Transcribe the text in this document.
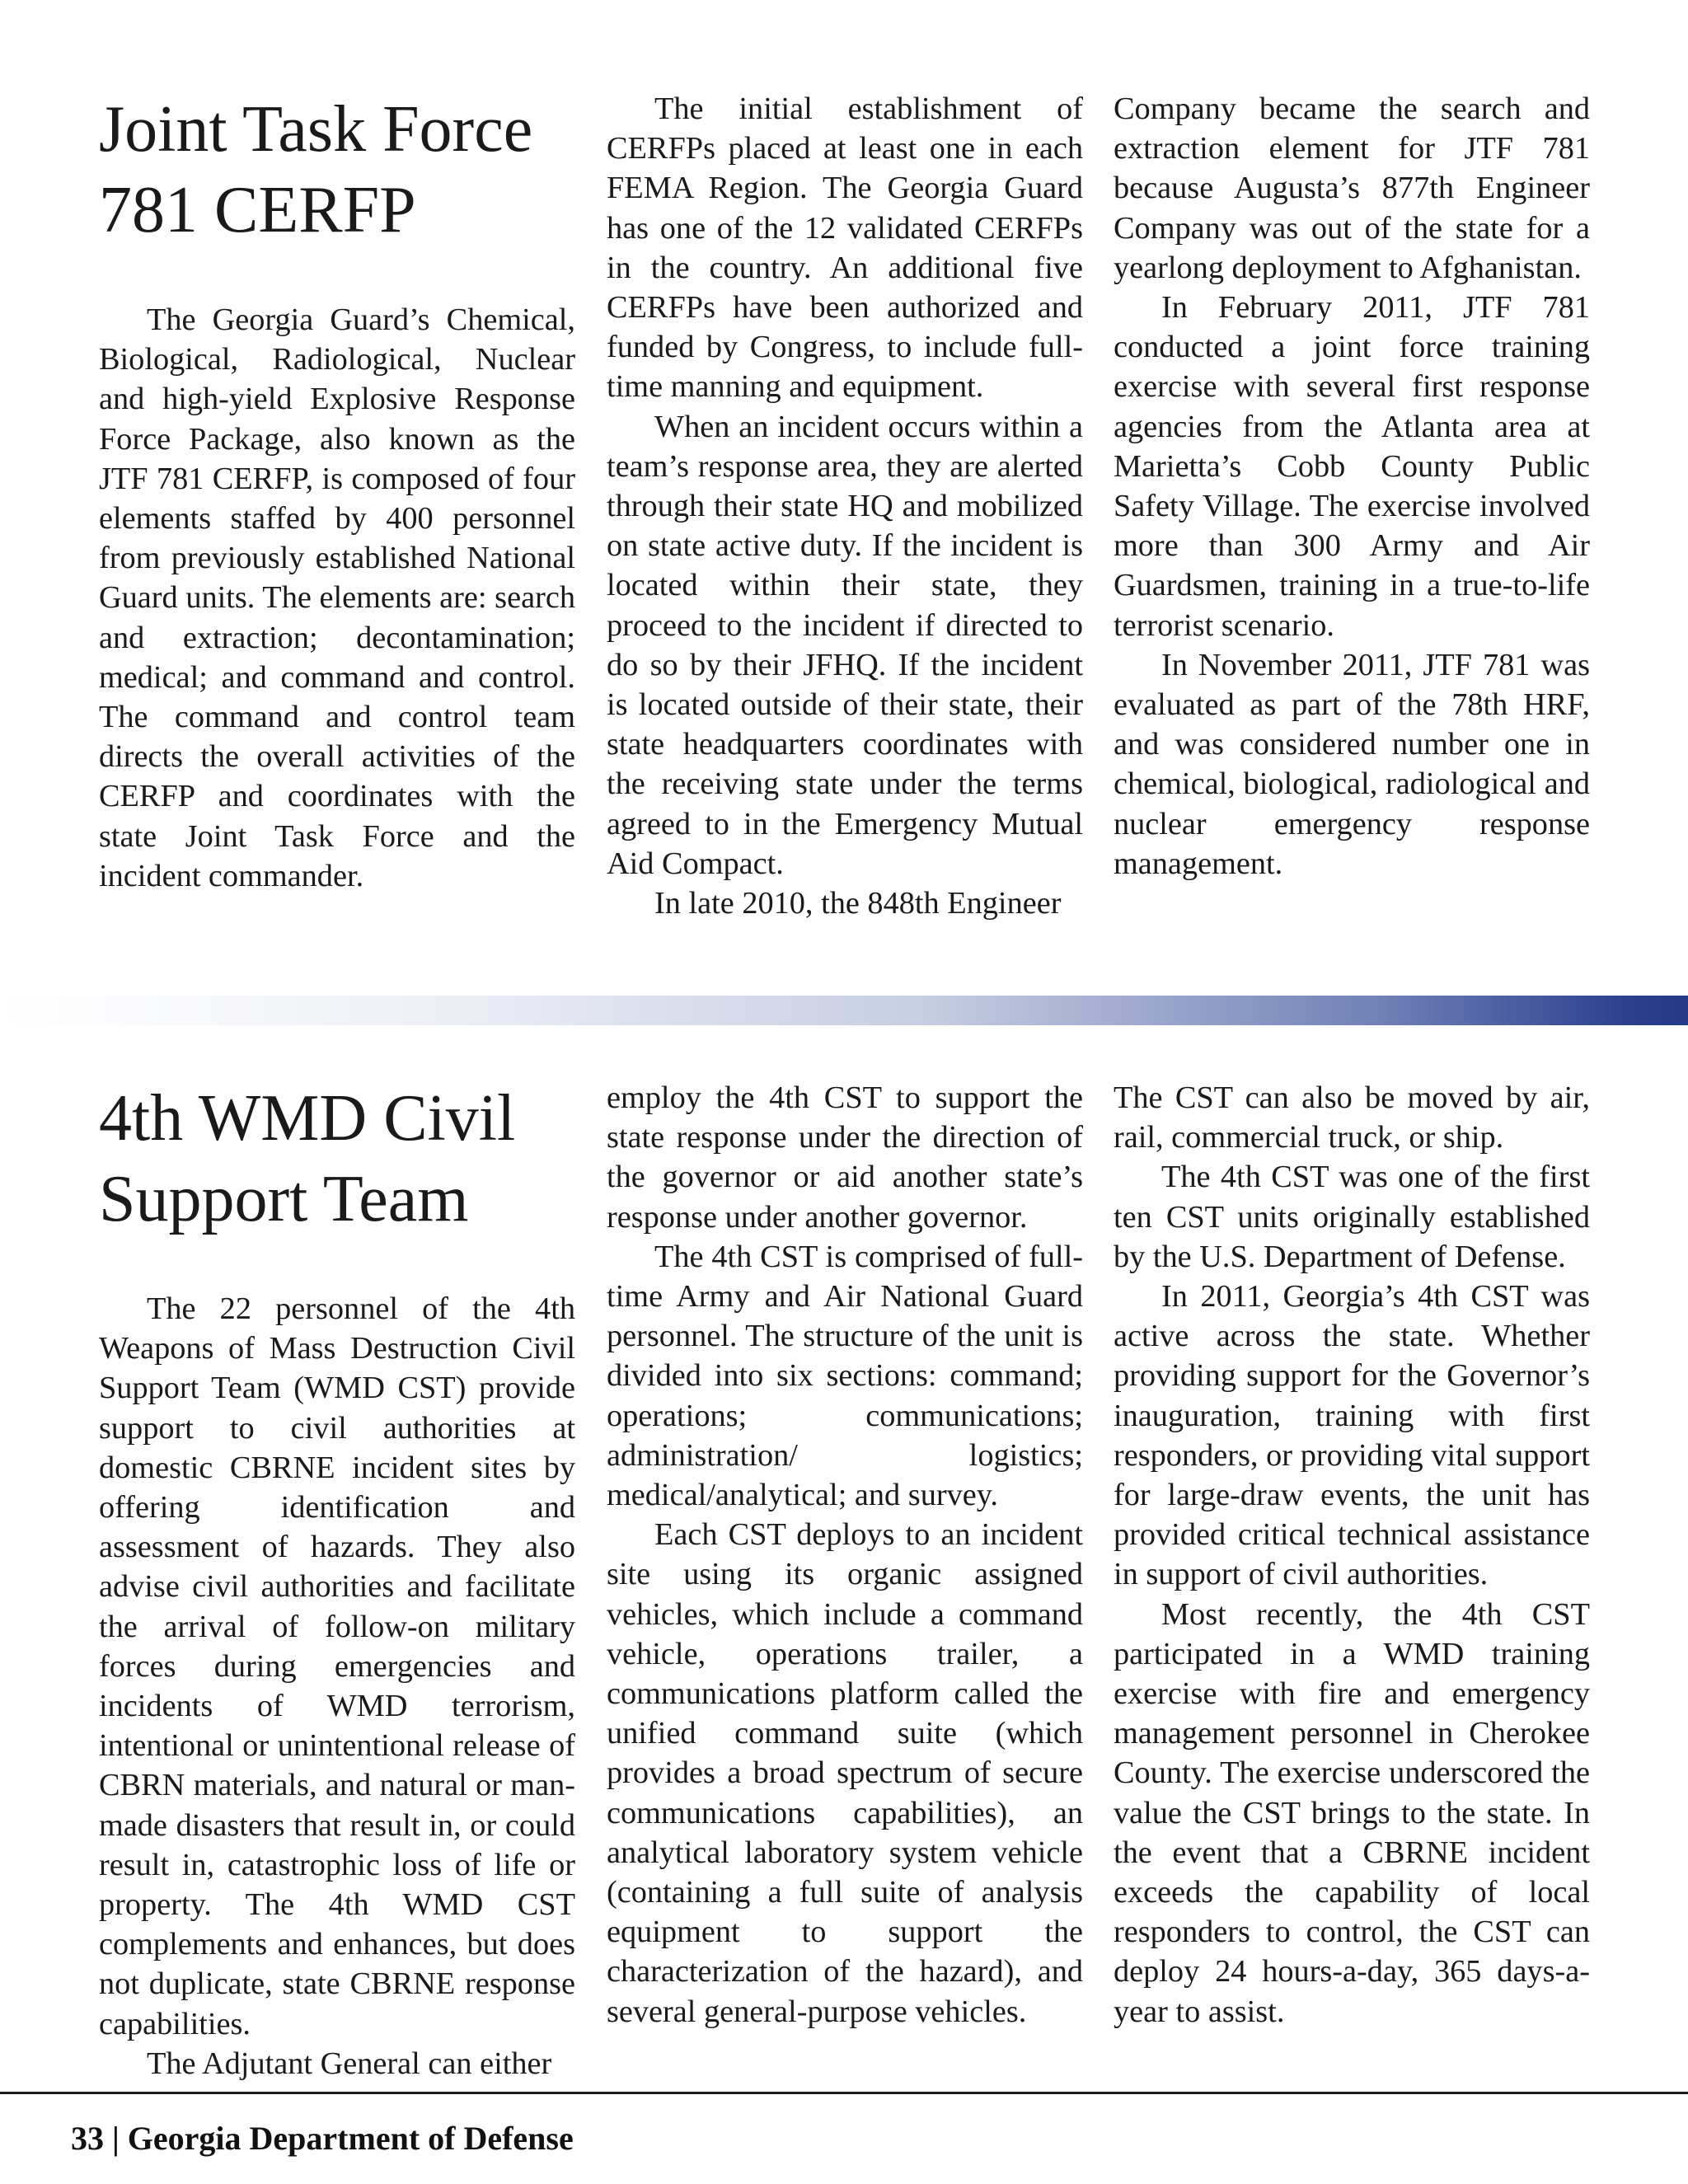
Joint Task Force
781 CERFP

The Georgia Guard’s Chemical, Biological, Radiological, Nuclear and high-yield Explosive Response Force Package, also known as the JTF 781 CERFP, is composed of four elements staffed by 400 personnel from previously established National Guard units. The elements are: search and extraction; decontamination; medical; and command and control. The command and control team directs the overall activities of the CERFP and coordinates with the state Joint Task Force and the incident commander.

The initial establishment of CERFPs placed at least one in each FEMA Region. The Georgia Guard has one of the 12 validated CERFPs in the country. An additional five CERFPs have been authorized and funded by Congress, to include full-time manning and equipment.

When an incident occurs within a team’s response area, they are alerted through their state HQ and mobilized on state active duty. If the incident is located within their state, they proceed to the incident if directed to do so by their JFHQ. If the incident is located outside of their state, their state headquarters coordinates with the receiving state under the terms agreed to in the Emergency Mutual Aid Compact.

In late 2010, the 848th Engineer

Company became the search and extraction element for JTF 781 because Augusta’s 877th Engineer Company was out of the state for a yearlong deployment to Afghanistan.

In February 2011, JTF 781 conducted a joint force training exercise with several first response agencies from the Atlanta area at Marietta’s Cobb County Public Safety Village. The exercise involved more than 300 Army and Air Guardsmen, training in a true-to-life terrorist scenario.

In November 2011, JTF 781 was evaluated as part of the 78th HRF, and was considered number one in chemical, biological, radiological and nuclear emergency response management.

4th WMD Civil
Support Team

The 22 personnel of the 4th Weapons of Mass Destruction Civil Support Team (WMD CST) provide support to civil authorities at domestic CBRNE incident sites by offering identification and assessment of hazards. They also advise civil authorities and facilitate the arrival of follow-on military forces during emergencies and incidents of WMD terrorism, intentional or unintentional release of CBRN materials, and natural or man-made disasters that result in, or could result in, catastrophic loss of life or property. The 4th WMD CST complements and enhances, but does not duplicate, state CBRNE response capabilities.

The Adjutant General can either

employ the 4th CST to support the state response under the direction of the governor or aid another state’s response under another governor.

The 4th CST is comprised of full-time Army and Air National Guard personnel. The structure of the unit is divided into six sections: command; operations; communications; administration/ logistics; medical/analytical; and survey.

Each CST deploys to an incident site using its organic assigned vehicles, which include a command vehicle, operations trailer, a communications platform called the unified command suite (which provides a broad spectrum of secure communications capabilities), an analytical laboratory system vehicle (containing a full suite of analysis equipment to support the characterization of the hazard), and several general-purpose vehicles.

The CST can also be moved by air, rail, commercial truck, or ship.

The 4th CST was one of the first ten CST units originally established by the U.S. Department of Defense.

In 2011, Georgia’s 4th CST was active across the state. Whether providing support for the Governor’s inauguration, training with first responders, or providing vital support for large-draw events, the unit has provided critical technical assistance in support of civil authorities.

Most recently, the 4th CST participated in a WMD training exercise with fire and emergency management personnel in Cherokee County. The exercise underscored the value the CST brings to the state. In the event that a CBRNE incident exceeds the capability of local responders to control, the CST can deploy 24 hours-a-day, 365 days-a-year to assist.

33 | Georgia Department of Defense
